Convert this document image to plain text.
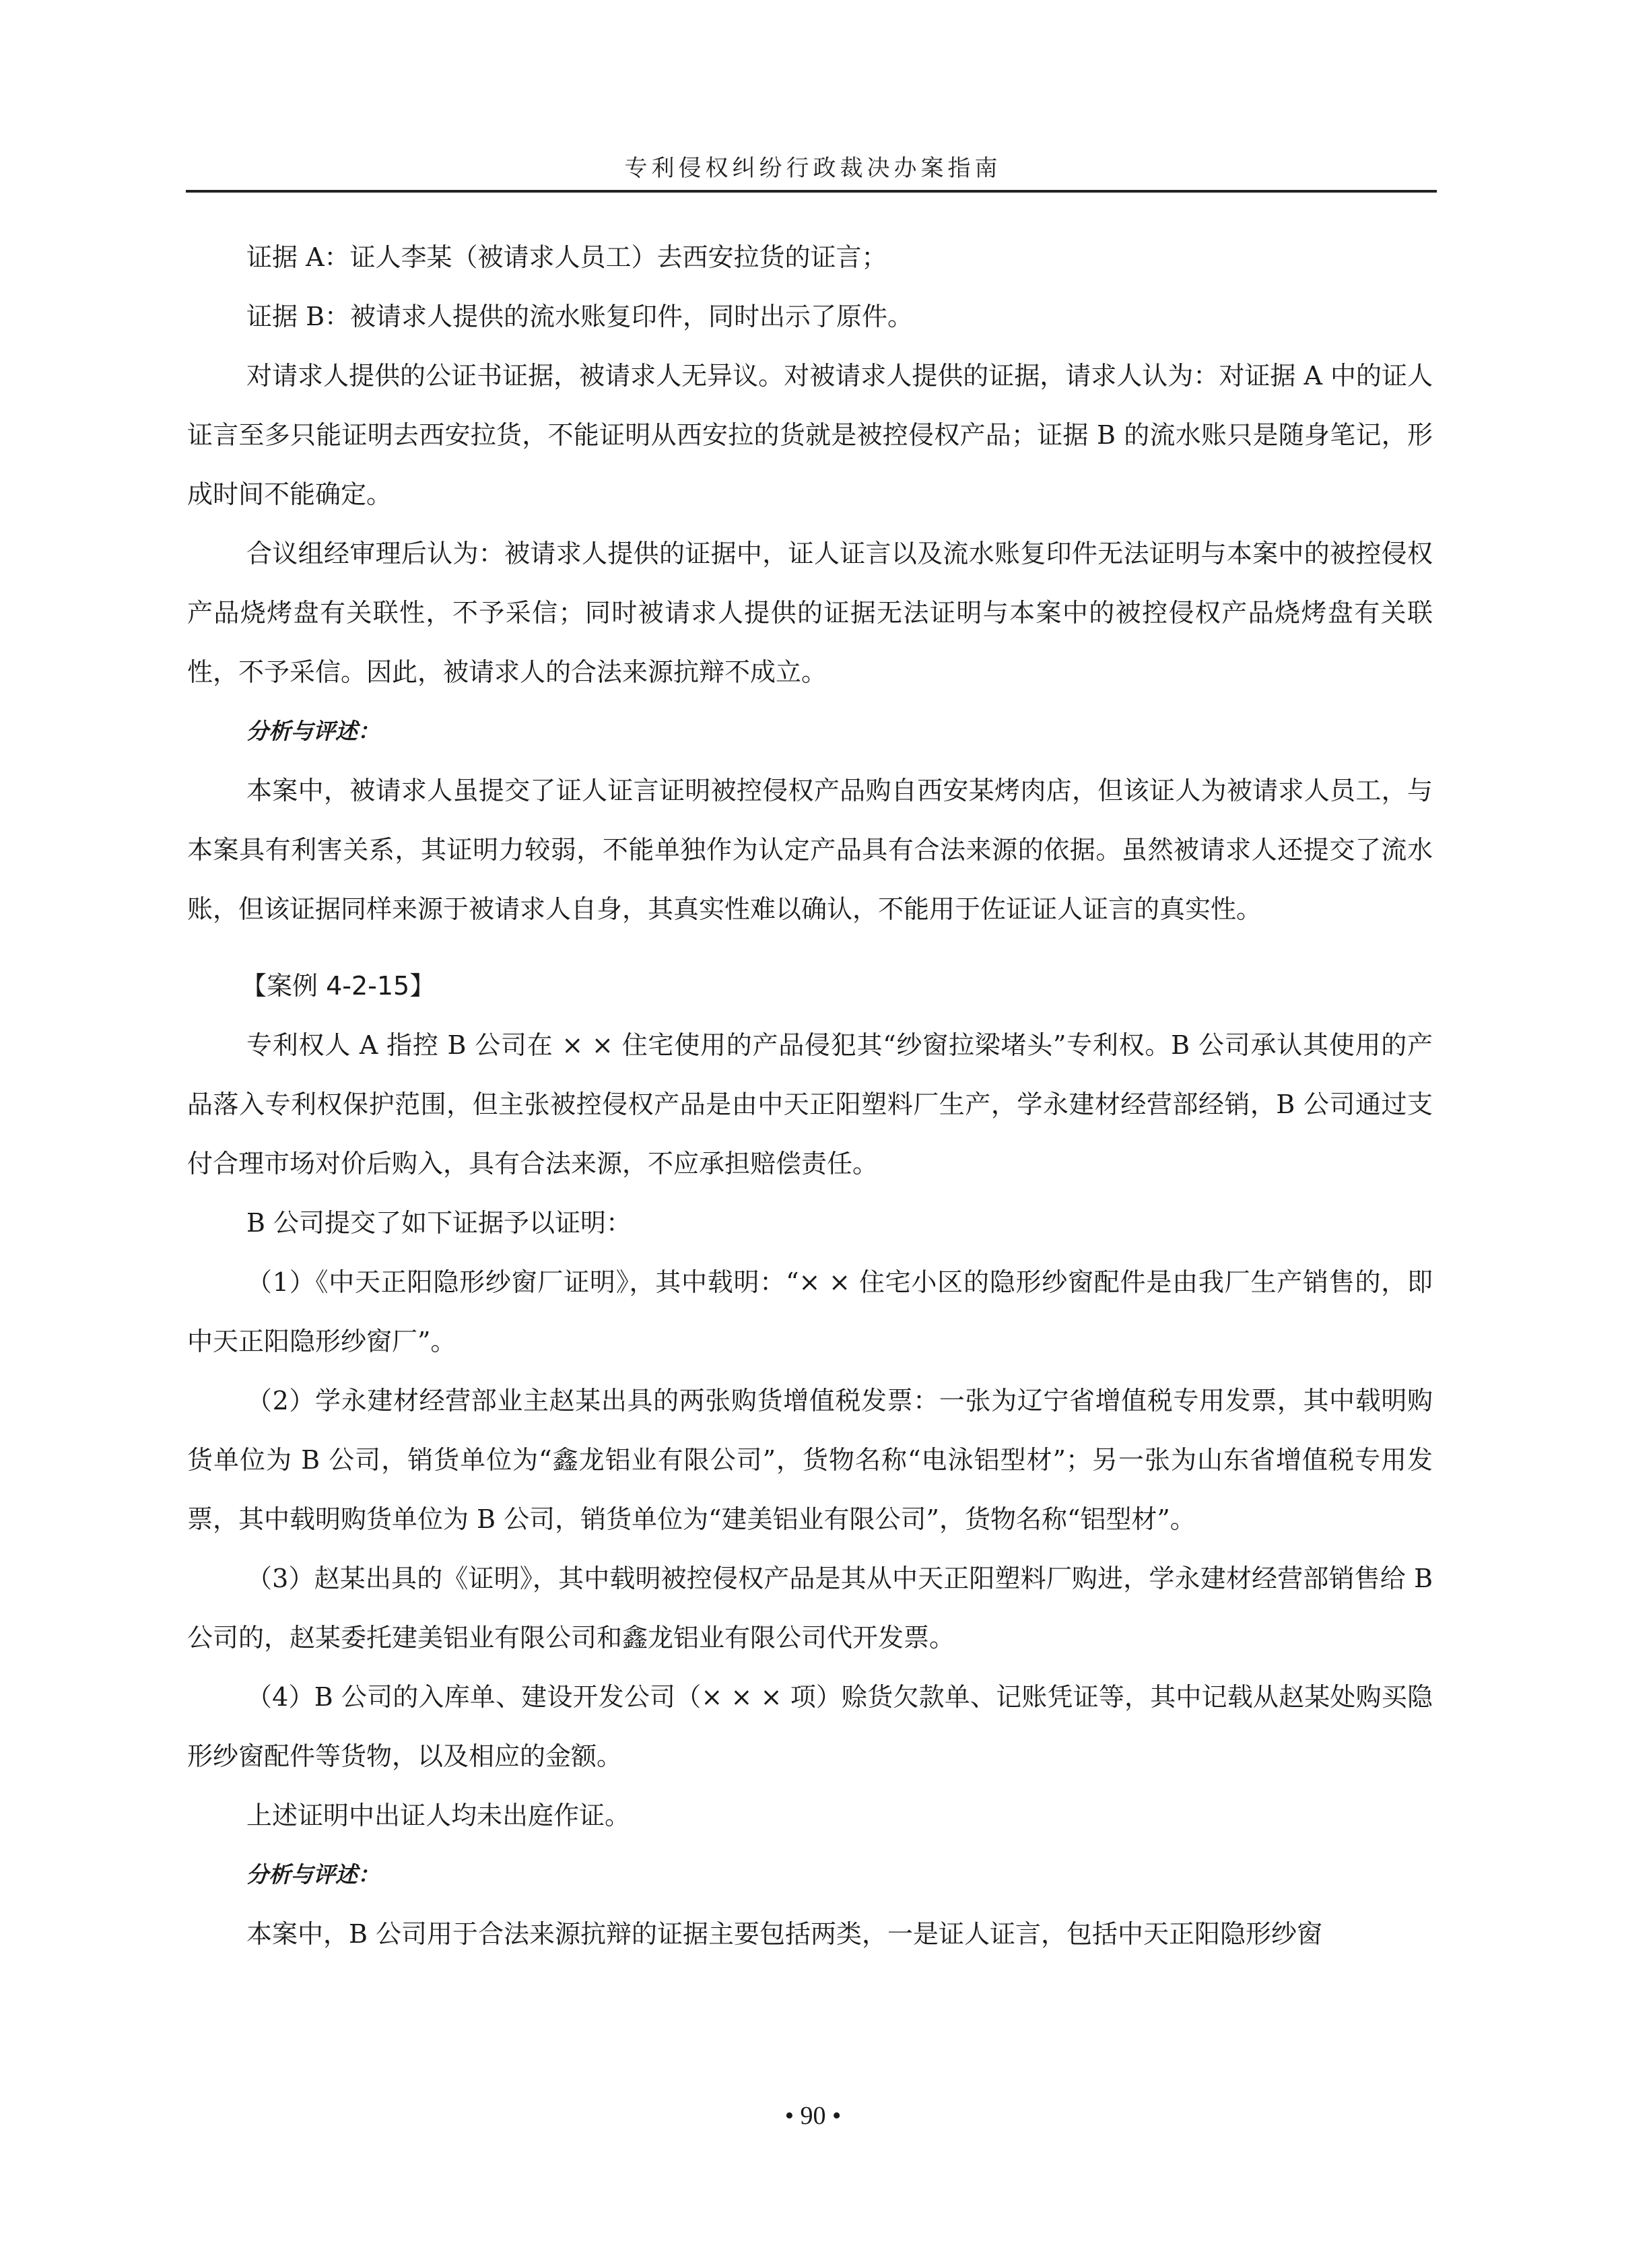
专利侵权纠纷行政裁决办案指南

证据 A：证人李某（被请求人员工）去西安拉货的证言；

证据 B：被请求人提供的流水账复印件，同时出示了原件。

对请求人提供的公证书证据，被请求人无异议。对被请求人提供的证据，请求人认为：对证据 A 中的证人证言至多只能证明去西安拉货，不能证明从西安拉的货就是被控侵权产品；证据 B 的流水账只是随身笔记，形成时间不能确定。

合议组经审理后认为：被请求人提供的证据中，证人证言以及流水账复印件无法证明与本案中的被控侵权产品烧烤盘有关联性，不予采信；同时被请求人提供的证据无法证明与本案中的被控侵权产品烧烤盘有关联性，不予采信。因此，被请求人的合法来源抗辩不成立。

分析与评述：

本案中，被请求人虽提交了证人证言证明被控侵权产品购自西安某烤肉店，但该证人为被请求人员工，与本案具有利害关系，其证明力较弱，不能单独作为认定产品具有合法来源的依据。虽然被请求人还提交了流水账，但该证据同样来源于被请求人自身，其真实性难以确认，不能用于佐证证人证言的真实性。

【案例 4-2-15】

专利权人 A 指控 B 公司在 × × 住宅使用的产品侵犯其“纱窗拉梁堵头”专利权。B 公司承认其使用的产品落入专利权保护范围，但主张被控侵权产品是由中天正阳塑料厂生产，学永建材经营部经销，B 公司通过支付合理市场对价后购入，具有合法来源，不应承担赔偿责任。

B 公司提交了如下证据予以证明：

（1）《中天正阳隐形纱窗厂证明》，其中载明：“× × 住宅小区的隐形纱窗配件是由我厂生产销售的，即中天正阳隐形纱窗厂”。

（2）学永建材经营部业主赵某出具的两张购货增值税发票：一张为辽宁省增值税专用发票，其中载明购货单位为 B 公司，销货单位为“鑫龙铝业有限公司”，货物名称“电泳铝型材”；另一张为山东省增值税专用发票，其中载明购货单位为 B 公司，销货单位为“建美铝业有限公司”，货物名称“铝型材”。

（3）赵某出具的《证明》，其中载明被控侵权产品是其从中天正阳塑料厂购进，学永建材经营部销售给 B 公司的，赵某委托建美铝业有限公司和鑫龙铝业有限公司代开发票。

（4）B 公司的入库单、建设开发公司（× × × 项）赊货欠款单、记账凭证等，其中记载从赵某处购买隐形纱窗配件等货物，以及相应的金额。

上述证明中出证人均未出庭作证。

分析与评述：

本案中，B 公司用于合法来源抗辩的证据主要包括两类，一是证人证言，包括中天正阳隐形纱窗

• 90 •
